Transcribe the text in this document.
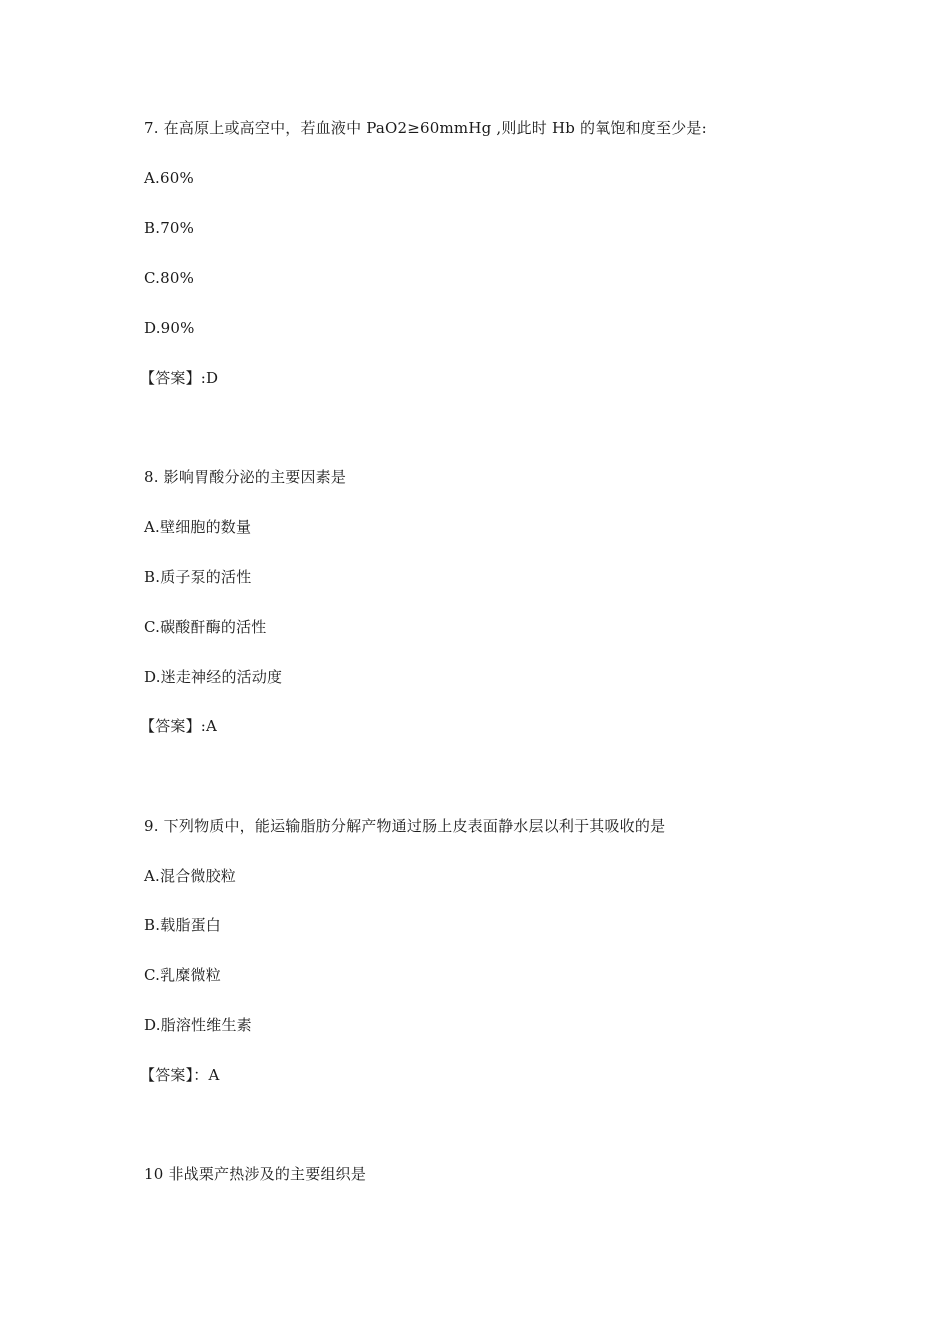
7. 在高原上或高空中，若血液中 PaO2≥60mmHg ,则此时 Hb 的氧饱和度至少是:
A.60%
B.70%
C.80%
D.90%
【答案】:D
8. 影响胃酸分泌的主要因素是
A.壁细胞的数量
B.质子泵的活性
C.碳酸酐酶的活性
D.迷走神经的活动度
【答案】:A
9. 下列物质中，能运输脂肪分解产物通过肠上皮表面静水层以利于其吸收的是
A.混合微胶粒
B.载脂蛋白
C.乳糜微粒
D.脂溶性维生素
【答案】：A
10 非战栗产热涉及的主要组织是
